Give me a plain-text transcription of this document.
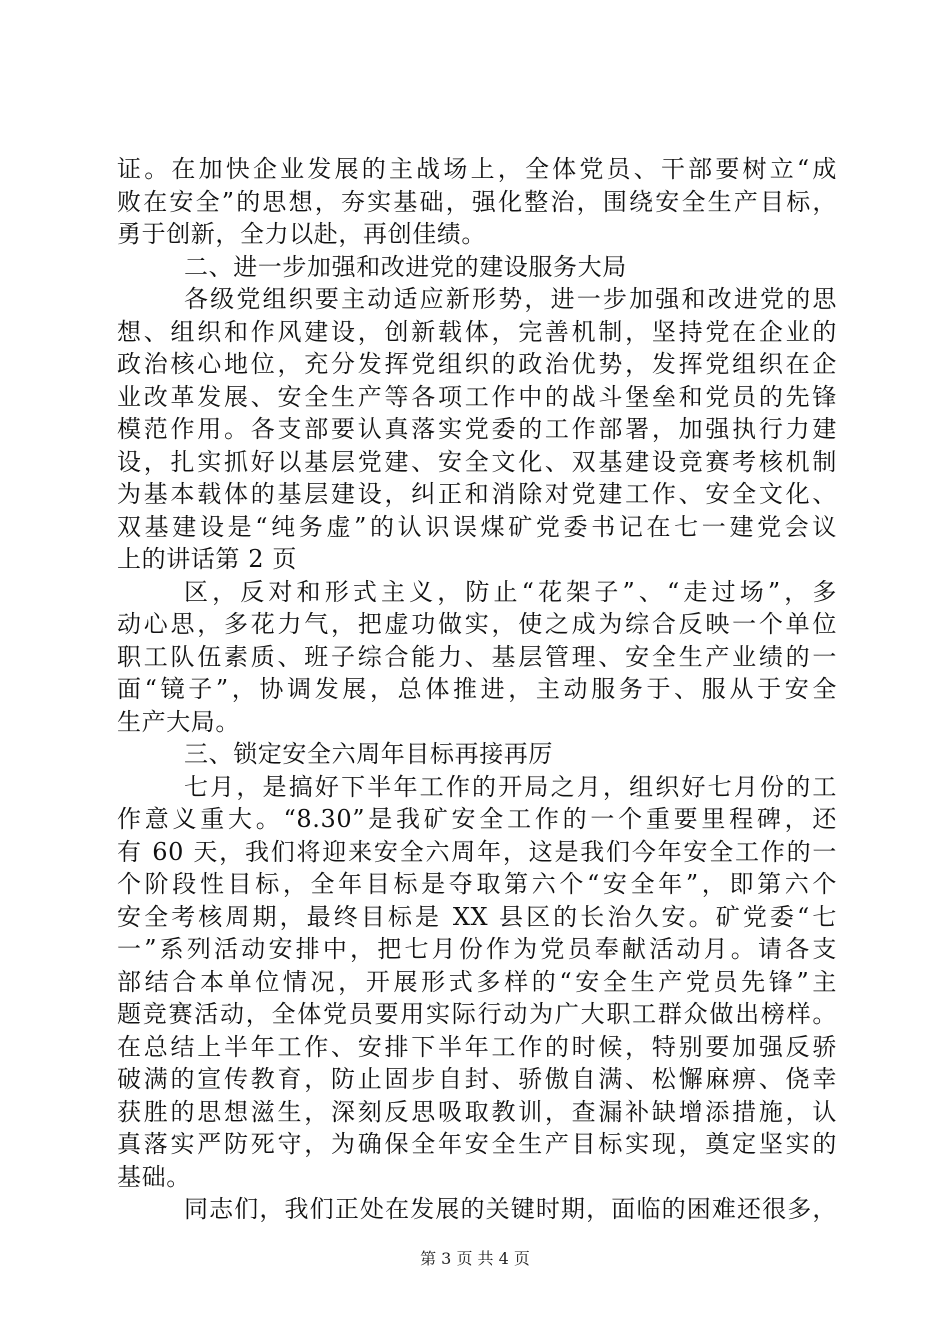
证。在加快企业发展的主战场上，全体党员、干部要树立“成
败在安全”的思想，夯实基础，强化整治，围绕安全生产目标，
勇于创新，全力以赴，再创佳绩。
二、进一步加强和改进党的建设服务大局
各级党组织要主动适应新形势，进一步加强和改进党的思
想、组织和作风建设，创新载体，完善机制，坚持党在企业的
政治核心地位，充分发挥党组织的政治优势，发挥党组织在企
业改革发展、安全生产等各项工作中的战斗堡垒和党员的先锋
模范作用。各支部要认真落实党委的工作部署，加强执行力建
设，扎实抓好以基层党建、安全文化、双基建设竞赛考核机制
为基本载体的基层建设，纠正和消除对党建工作、安全文化、
双基建设是“纯务虚”的认识误煤矿党委书记在七一建党会议
上的讲话第 2 页
区，反对和形式主义，防止“花架子”、“走过场”，多
动心思，多花力气，把虚功做实，使之成为综合反映一个单位
职工队伍素质、班子综合能力、基层管理、安全生产业绩的一
面“镜子”，协调发展，总体推进，主动服务于、服从于安全
生产大局。
三、锁定安全六周年目标再接再厉
七月，是搞好下半年工作的开局之月，组织好七月份的工
作意义重大。“8.30”是我矿安全工作的一个重要里程碑，还
有 60 天，我们将迎来安全六周年，这是我们今年安全工作的一
个阶段性目标，全年目标是夺取第六个“安全年”，即第六个
安全考核周期，最终目标是 XX 县区的长治久安。矿党委“七
一”系列活动安排中，把七月份作为党员奉献活动月。请各支
部结合本单位情况，开展形式多样的“安全生产党员先锋”主
题竞赛活动，全体党员要用实际行动为广大职工群众做出榜样。
在总结上半年工作、安排下半年工作的时候，特别要加强反骄
破满的宣传教育，防止固步自封、骄傲自满、松懈麻痹、侥幸
获胜的思想滋生，深刻反思吸取教训，查漏补缺增添措施，认
真落实严防死守，为确保全年安全生产目标实现，奠定坚实的
基础。
同志们，我们正处在发展的关键时期，面临的困难还很多，
第 3 页 共 4 页
